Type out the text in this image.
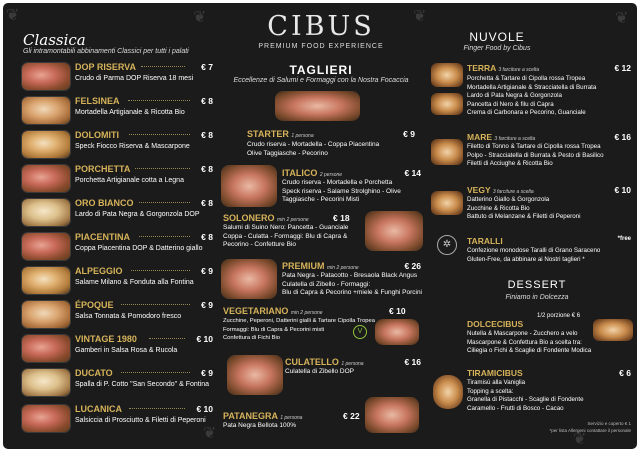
❦	❦	❦	❦
❦	❦
Classica
Gli intramontabili abbinamenti Classici per tutti i palati
DOP RISERVA	€ 7
Crudo di Parma DOP Riserva 18 mesi
FELSINEA	€ 8
Mortadella Artigianale & Ricotta Bio
DOLOMITI	€ 8
Speck Fiocco Riserva & Mascarpone
PORCHETTA	€ 8
Porchetta Artigianale cotta a Legna
ORO BIANCO	€ 8
Lardo di Pata Negra & Gorgonzola DOP
PIACENTINA	€ 8
Coppa Piacentina DOP & Datterino giallo
ALPEGGIO	€ 9
Salame Milano & Fonduta alla Fontina
ÉPOQUE	€ 9
Salsa Tonnata & Pomodoro fresco
VINTAGE 1980	€ 10
Gamberi in Salsa Rosa & Rucola
DUCATO	€ 9
Spalla di P. Cotto "San Secondo" & Fontina
LUCANICA	€ 10
Salsiccia di Prosciutto & Filetti di Peperoni
CIBUS
PREMIUM FOOD EXPERIENCE
TAGLIERI
Eccellenze di Salumi e Formaggi con la Nostra Focaccia
STARTER 1 persona	€ 9
Crudo riserva - Mortadella - Coppa Piacentina
Olive Taggiasche - Pecorino
ITALICO 2 persone	€ 14
Crudo riserva - Mortadella e Porchetta
Speck riserva - Salame Strolghino - Olive
Taggiasche - Pecorini Misti
SOLONERO min 2 persone	€ 18
Salumi di Suino Nero: Pancetta - Guanciale
Coppa - Culatta - Formaggi: Blu di Capra &
Pecorino - Confetture Bio
PREMIUM min 2 persone	€ 26
Pata Negra - Patacotto - Bresaola Black Angus
Culatella di Zibello - Formaggi:
Blu di Capra & Pecorino +miele & Funghi Porcini
VEGETARIANO min 2 persone	€ 10
Zucchine, Peperoni, Datterini gialli & Tartare Cipolla Tropea
Formaggi: Blu di Capra & Pecorini misti
Confettura di Fichi Bio
V
CULATELLO 1 persona	€ 16
Culatella di Zibello DOP
PATANEGRA 1 persona	€ 22
Pata Negra Bellota 100%
NUVOLE
Finger Food by Cibus
TERRA 3 farciture a scelta	€ 12
Porchetta & Tartare di Cipolla rossa Tropea
Mortadella Artigianale & Stracciatella di Burrata
Lardo di Pata Negra & Gorgonzola
Pancetta di Nero & filu di Capra
Crema di Carbonara e Pecorino, Guanciale
MARE 3 farciture a scelta	€ 16
Filetto di Tonno & Tartare di Cipolla rossa Tropea
Polpo - Stracciatella di Burrata & Pesto di Basilico
Filetti di Acciughe & Ricotta Bio
VEGY 3 farciture a scelta	€ 10
Datterino Giallo & Gorgonzola
Zucchine & Ricotta Bio
Battuto di Melanzane & Filetti di Peperoni
✲	TARALLI	*free
Confezione monodose Taralli di Grano Saraceno
Gluten-Free, da abbinare ai Nostri taglieri *
DESSERT
Finiamo in Dolcezza
DOLCECIBUS
1/2 porzione € 6
Nutella & Mascarpone - Zucchero a velo
Mascarpone & Confettura Bio a scelta tra:
Ciliegia o Fichi & Scaglie di Fondente Modica
TIRAMICIBUS	€ 6
Tiramisù alla Vaniglia
Topping a scelta:
Granella di Pistacchi - Scaglie di Fondente
Caramello - Frutti di Bosco - Cacao
Servizio e coperto € 1
*per lista Allergeni contattare il personale
